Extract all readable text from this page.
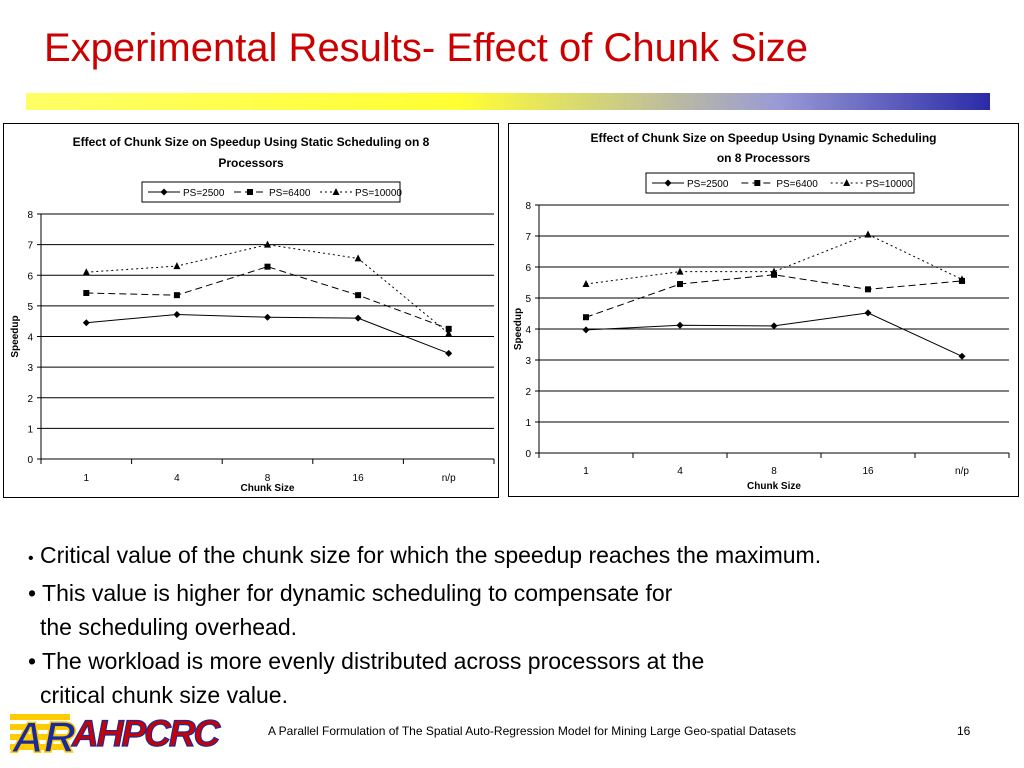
Experimental Results- Effect of Chunk Size
Effect of Chunk Size on Speedup Using Static Scheduling on 8
Processors
0
1
2
3
4
5
6
7
8
1	4	8	16	n/p
Chunk Size
Speedup
PS=2500	PS=6400	PS=10000
Effect of Chunk Size on Speedup Using Dynamic Scheduling
on 8 Processors
0
1
2
3
4
5
6
7
8
1	4	8	16	n/p
Chunk Size
Speedup
PS=2500	PS=6400	PS=10000
• Critical value of the chunk size for which the speedup reaches the maximum.
• This value is higher for dynamic scheduling to compensate for
the scheduling overhead.
• The workload is more evenly distributed across processors at the
critical chunk size value.
AR
AHPCRC	A Parallel Formulation of The Spatial Auto-Regression Model for Mining Large Geo-spatial Datasets	16
